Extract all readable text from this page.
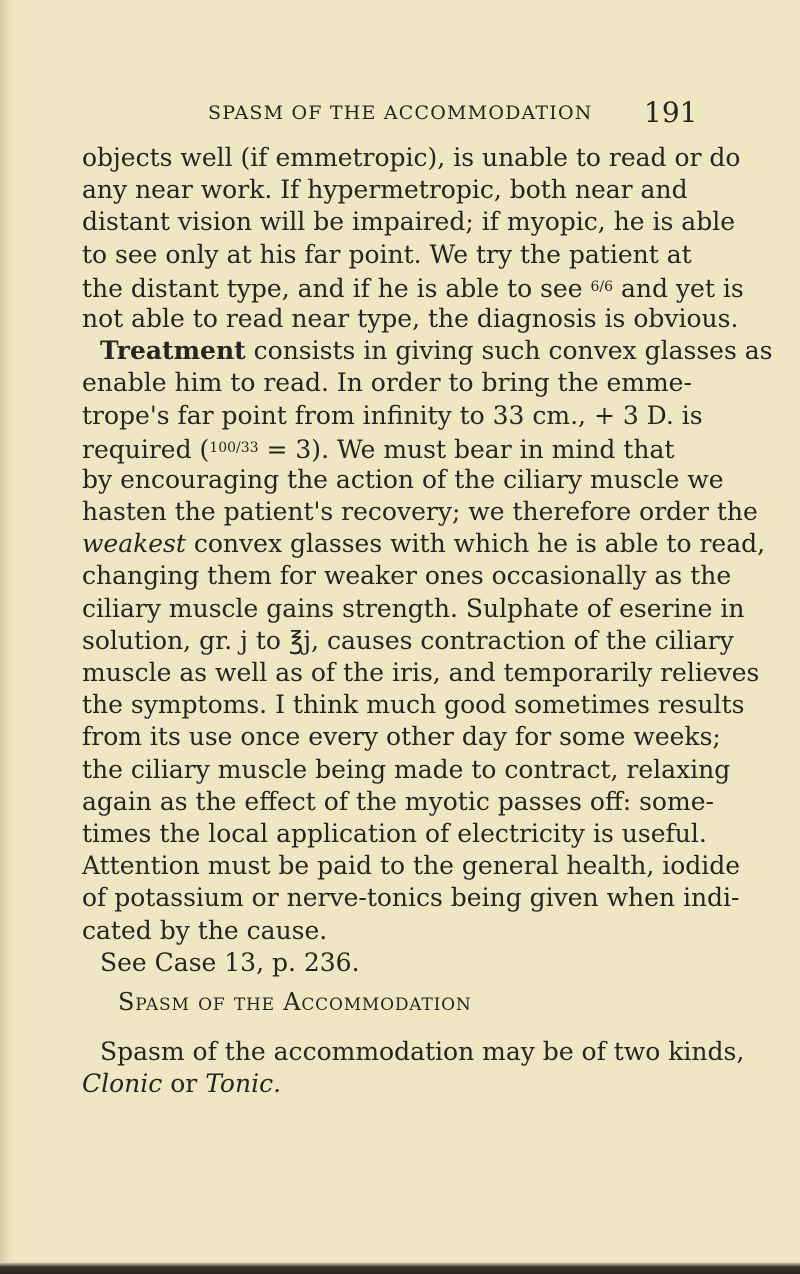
SPASM OF THE ACCOMMODATION 191
objects well (if emmetropic), is unable to read or do
any near work. If hypermetropic, both near and
distant vision will be impaired; if myopic, he is able
to see only at his far point. We try the patient at
the distant type, and if he is able to see $^{6/6}$ and yet is
not able to read near type, the diagnosis is obvious.
Treatment consists in giving such convex glasses as
enable him to read. In order to bring the emme-
trope's far point from infinity to 33 cm., + 3 D. is
required ($^{100/33}$ = 3). We must bear in mind that
by encouraging the action of the ciliary muscle we
hasten the patient's recovery; we therefore order the
weakest convex glasses with which he is able to read,
changing them for weaker ones occasionally as the
ciliary muscle gains strength. Sulphate of eserine in
solution, gr. j to ℥j, causes contraction of the ciliary
muscle as well as of the iris, and temporarily relieves
the symptoms. I think much good sometimes results
from its use once every other day for some weeks;
the ciliary muscle being made to contract, relaxing
again as the effect of the myotic passes off: some-
times the local application of electricity is useful.
Attention must be paid to the general health, iodide
of potassium or nerve-tonics being given when indi-
cated by the cause.
See Case 13, p. 236.
Spasm of the Accommodation
Spasm of the accommodation may be of two kinds,
Clonic or Tonic.
